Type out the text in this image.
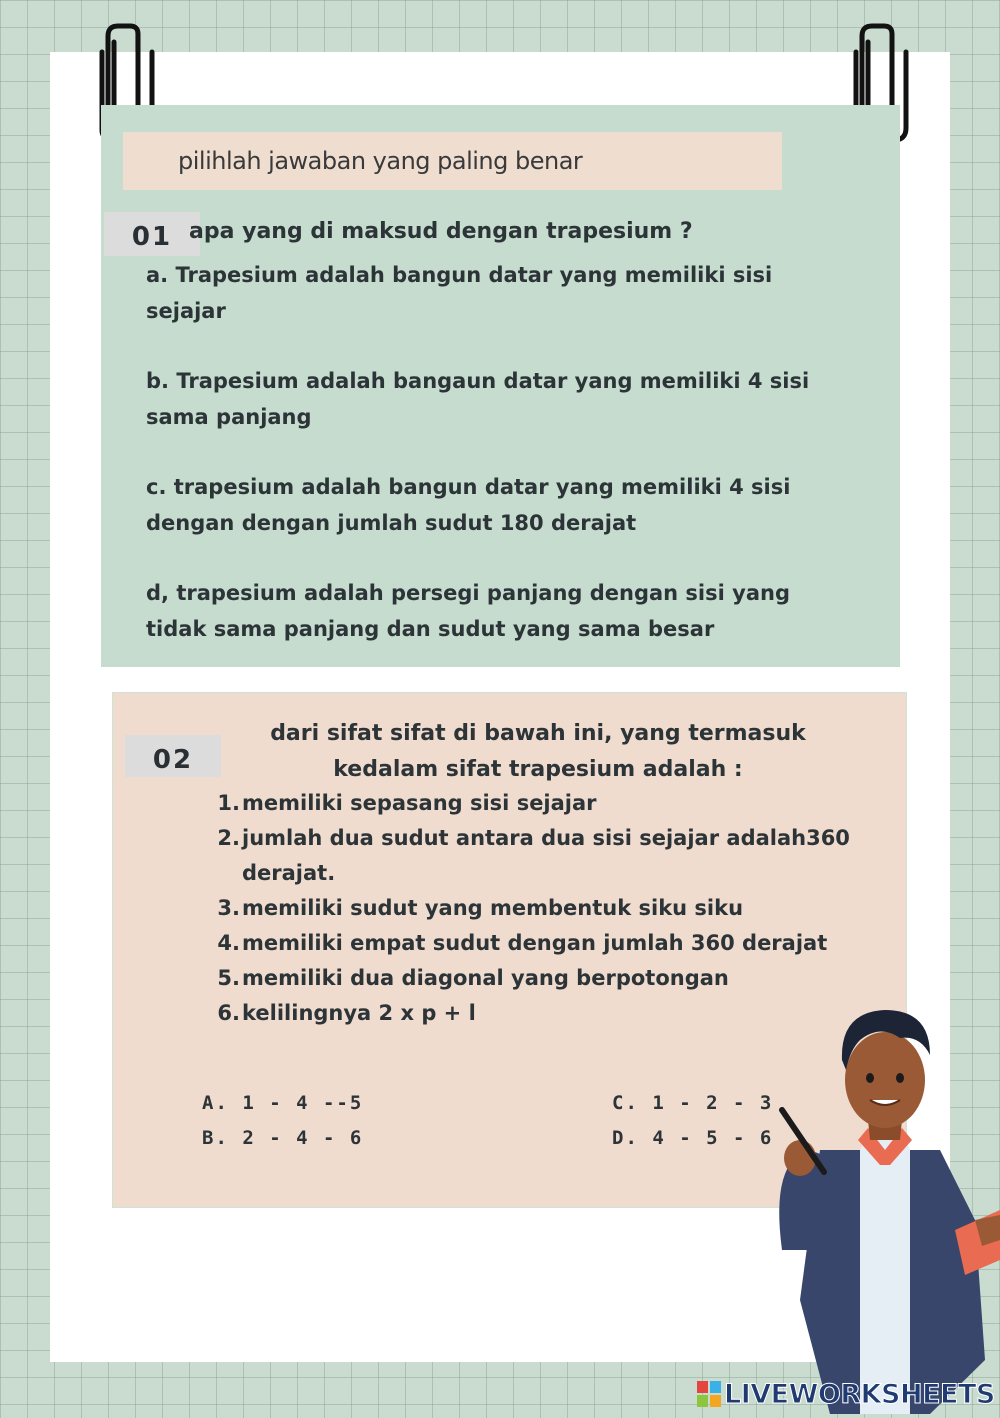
pilihlah jawaban yang paling benar
01 apa yang di maksud dengan trapesium ?
a. Trapesium adalah bangun datar yang memiliki sisi sejajar
b. Trapesium adalah bangaun datar yang memiliki 4 sisi sama panjang
c. trapesium adalah bangun datar yang memiliki 4 sisi dengan dengan jumlah sudut 180 derajat
d, trapesium adalah persegi panjang dengan sisi yang tidak sama panjang dan sudut yang sama besar
02
dari sifat sifat di bawah ini, yang termasuk kedalam sifat trapesium adalah :
1. memiliki sepasang sisi sejajar
2. jumlah dua sudut antara dua sisi sejajar adalah360 derajat.
3. memiliki sudut yang membentuk siku siku
4. memiliki empat sudut dengan jumlah 360 derajat
5. memiliki dua diagonal yang berpotongan
6. kelilingnya 2 x p + l
A. 1 - 4 --5
B. 2 - 4 - 6
C. 1 - 2 - 3
D. 4 - 5 - 6
LIVEWORKSHEETS
